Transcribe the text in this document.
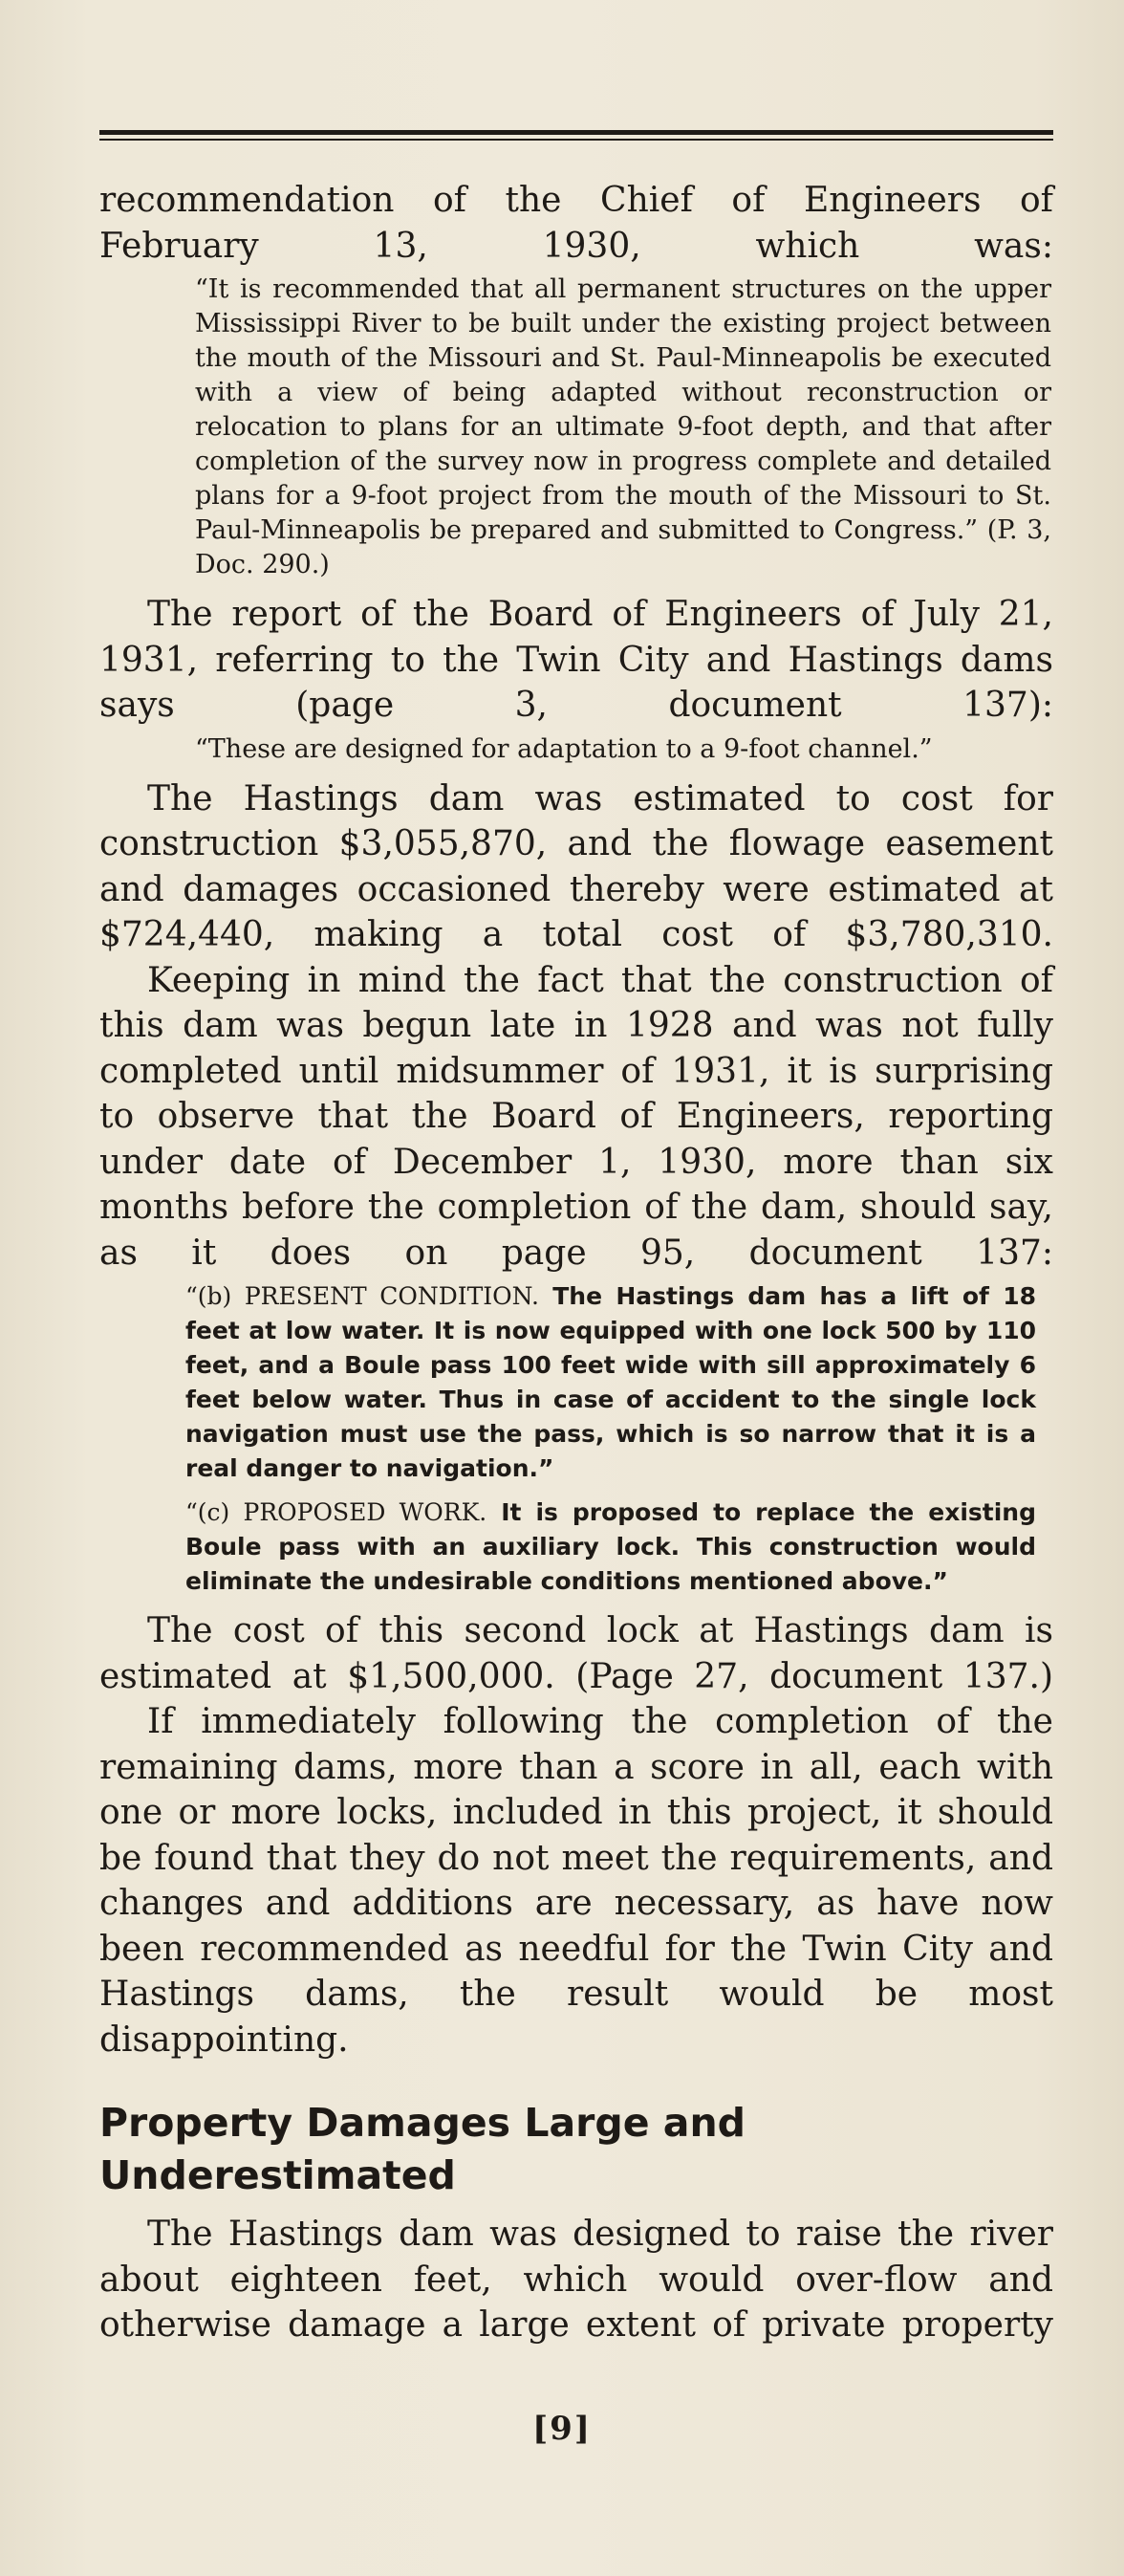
recommendation of the Chief of Engineers of February 13, 1930, which was:

“It is recommended that all permanent structures on the upper Mississippi River to be built under the existing project between the mouth of the Missouri and St. Paul-Minneapolis be executed with a view of being adapted without reconstruction or relocation to plans for an ultimate 9-foot depth, and that after completion of the survey now in progress complete and detailed plans for a 9-foot project from the mouth of the Missouri to St. Paul-Minneapolis be prepared and submitted to Congress.” (P. 3, Doc. 290.)

The report of the Board of Engineers of July 21, 1931, referring to the Twin City and Hastings dams says (page 3, document 137):

“These are designed for adaptation to a 9-foot channel.”

The Hastings dam was estimated to cost for construction $3,055,870, and the flowage easement and damages occasioned thereby were estimated at $724,440, making a total cost of $3,780,310.

Keeping in mind the fact that the construction of this dam was begun late in 1928 and was not fully completed until midsummer of 1931, it is surprising to observe that the Board of Engineers, reporting under date of December 1, 1930, more than six months before the completion of the dam, should say, as it does on page 95, document 137:

“(b) PRESENT CONDITION. The Hastings dam has a lift of 18 feet at low water. It is now equipped with one lock 500 by 110 feet, and a Boule pass 100 feet wide with sill approximately 6 feet below water. Thus in case of accident to the single lock navigation must use the pass, which is so narrow that it is a real danger to navigation.”

“(c) PROPOSED WORK. It is proposed to replace the existing Boule pass with an auxiliary lock. This construction would eliminate the undesirable conditions mentioned above.”

The cost of this second lock at Hastings dam is estimated at $1,500,000. (Page 27, document 137.)

If immediately following the completion of the remaining dams, more than a score in all, each with one or more locks, included in this project, it should be found that they do not meet the requirements, and changes and additions are necessary, as have now been recommended as needful for the Twin City and Hastings dams, the result would be most disappointing.

Property Damages Large and Underestimated

The Hastings dam was designed to raise the river about eighteen feet, which would over-flow and otherwise damage a large extent of private property

[9]
